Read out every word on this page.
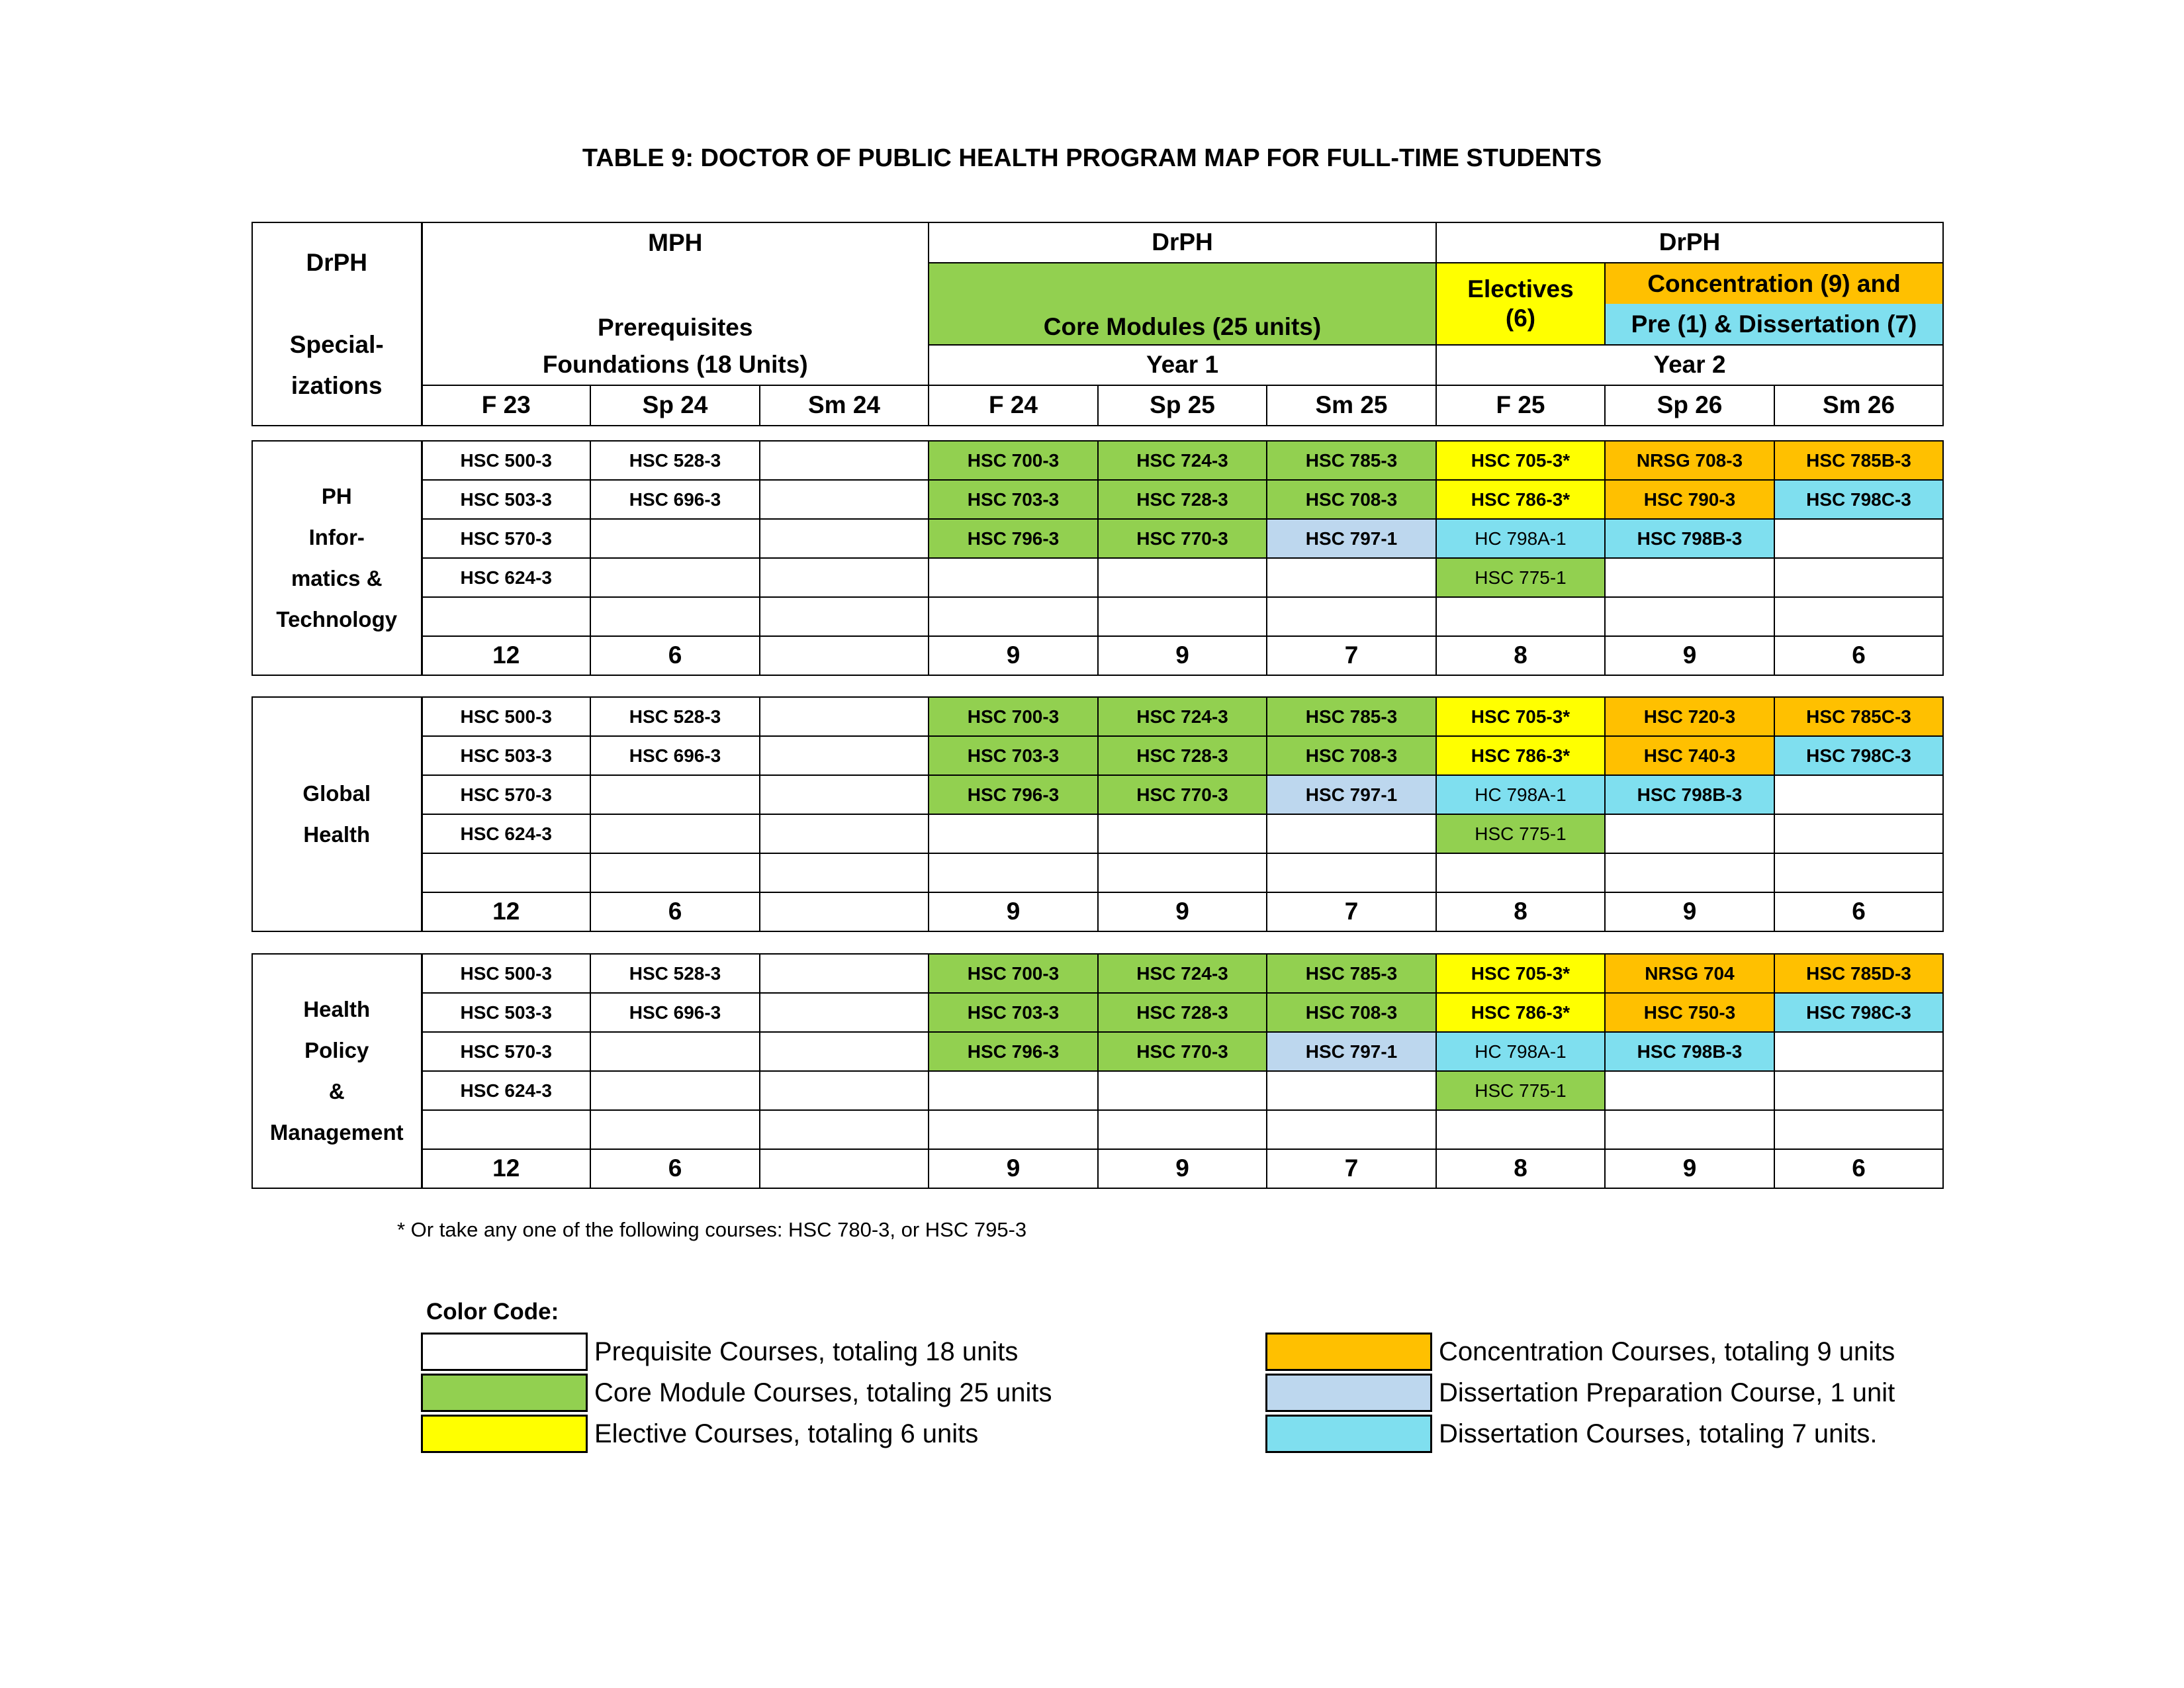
TABLE 9: DOCTOR OF PUBLIC HEALTH PROGRAM MAP FOR FULL-TIME STUDENTS
DrPH
Special-
izations	MPH			DrPH			DrPH		
	Prerequisites			Core Modules (25 units)			Electives (6)	Concentration (9) and
Pre (1) & Dissertation (7)	

	Foundations (18 Units)			Year 1			Year 2		
	F 23	Sp 24	Sm 24	F 24	Sp 25	Sm 25	F 25	Sp 26	Sm 26
PH
Infor-
matics &
Technology	HSC 500-3	HSC 528-3		HSC 700-3	HSC 724-3	HSC 785-3	HSC 705-3*	NRSG 708-3	HSC 785B-3
	HSC 503-3	HSC 696-3		HSC 703-3	HSC 728-3	HSC 708-3	HSC 786-3*	HSC 790-3	HSC 798C-3
	HSC 570-3			HSC 796-3	HSC 770-3	HSC 797-1	HC 798A-1	HSC 798B-3	
	HSC 624-3						HSC 775-1		

	12	6		9	9	7	8	9	6
Global
Health	HSC 500-3	HSC 528-3		HSC 700-3	HSC 724-3	HSC 785-3	HSC 705-3*	HSC 720-3	HSC 785C-3
	HSC 503-3	HSC 696-3		HSC 703-3	HSC 728-3	HSC 708-3	HSC 786-3*	HSC 740-3	HSC 798C-3
	HSC 570-3			HSC 796-3	HSC 770-3	HSC 797-1	HC 798A-1	HSC 798B-3	
	HSC 624-3						HSC 775-1		

	12	6		9	9	7	8	9	6
Health
Policy
&
Management	HSC 500-3	HSC 528-3		HSC 700-3	HSC 724-3	HSC 785-3	HSC 705-3*	NRSG 704	HSC 785D-3
	HSC 503-3	HSC 696-3		HSC 703-3	HSC 728-3	HSC 708-3	HSC 786-3*	HSC 750-3	HSC 798C-3
	HSC 570-3			HSC 796-3	HSC 770-3	HSC 797-1	HC 798A-1	HSC 798B-3	
	HSC 624-3						HSC 775-1		

	12	6		9	9	7	8	9	6
* Or take any one of the following courses: HSC 780-3, or HSC 795-3
Color Code:
Prequisite Courses, totaling 18 units
Core Module Courses, totaling 25 units
Elective Courses, totaling 6 units
Concentration Courses, totaling 9 units
Dissertation Preparation Course, 1 unit
Dissertation Courses, totaling 7 units.
